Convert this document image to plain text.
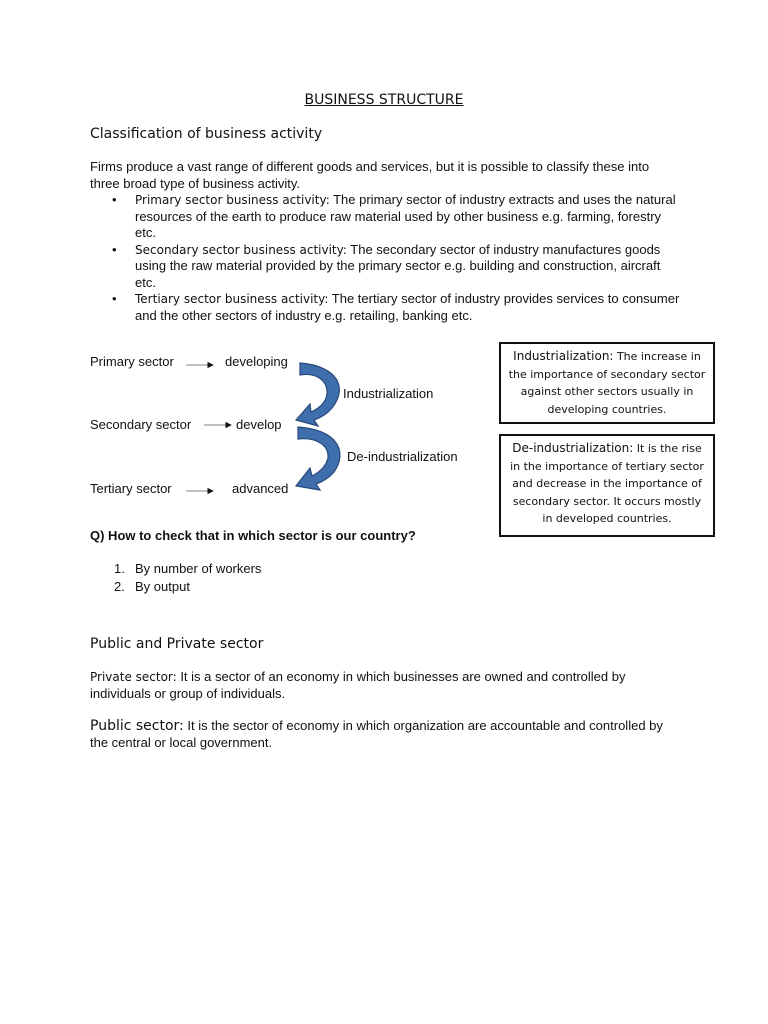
BUSINESS STRUCTURE
Classification of business activity
Firms produce a vast range of different goods and services, but it is possible to classify these into three broad type of business activity.
• Primary sector business activity: The primary sector of industry extracts and uses the natural resources of the earth to produce raw material used by other business e.g. farming, forestry etc.
• Secondary sector business activity: The secondary sector of industry manufactures goods using the raw material provided by the primary sector e.g. building and construction, aircraft etc.
• Tertiary sector business activity: The tertiary sector of industry provides services to consumer and the other sectors of industry e.g. retailing, banking etc.
Primary sector	developing
Secondary sector	develop
Tertiary sector	advanced
Industrialization
De-industrialization
Industrialization: The increase in the importance of secondary sector against other sectors usually in developing countries.
De-industrialization: It is the rise in the importance of tertiary sector and decrease in the importance of secondary sector. It occurs mostly in developed countries.
Q) How to check that in which sector is our country?
1. By number of workers
2. By output
Public and Private sector
Private sector: It is a sector of an economy in which businesses are owned and controlled by individuals or group of individuals.
Public sector: It is the sector of economy in which organization are accountable and controlled by the central or local government.
